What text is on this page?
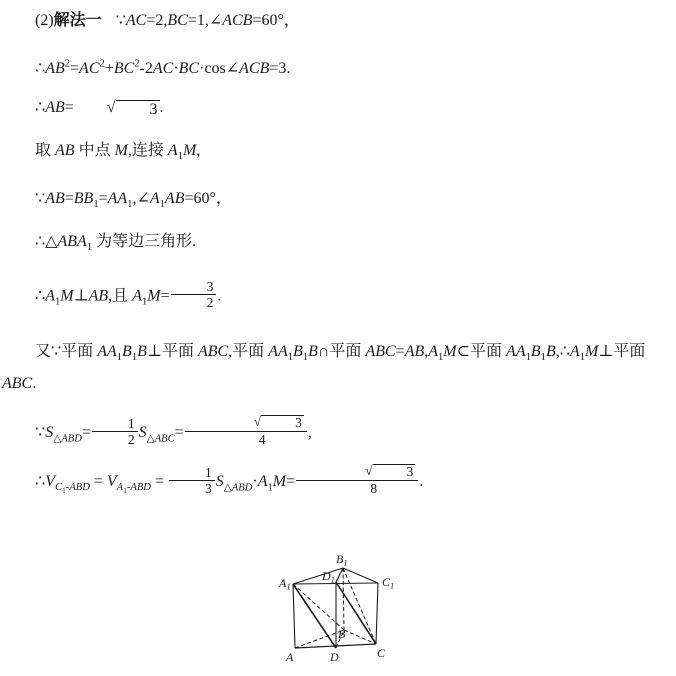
(2)解法一 ∵AC=2,BC=1,∠ACB=60°，

$\therefore AB^2=AC^2+BC^2-2AC\cdot BC\cdot\cos\angle ACB=3$.

∴AB=	√	3 .

取 AB 中点 M,连接 $A_1M$,

$\because AB=BB_1=AA_1,\angle A_1AB=60^\circ$，

$\therefore\triangle ABA_1$ 为等边三角形.

$\therefore A_1M\perp AB$,且 $A_1M= \frac{3}{2}$ .

又∵平面 $AA_1B_1B\perp$平面 ABC,平面 $AA_1B_1B\cap$平面 $ABC=AB,A_1M\subset$平面 $AA_1B_1B,\therefore A_1M\perp$平面 ABC.

$\because S_{\triangle ABD}= \frac{1}{2} S_{\triangle ABC}=$ √	3
4 ,

$\therefore V_{C_1-ABD} = V_{A_1-ABD} = \frac{1}{3} S_{\triangle ABD}\cdot A_1M=$ √	3
8 .

$A_1$
$B_1$
$C_1$
$D_1$
A
B
C
D
